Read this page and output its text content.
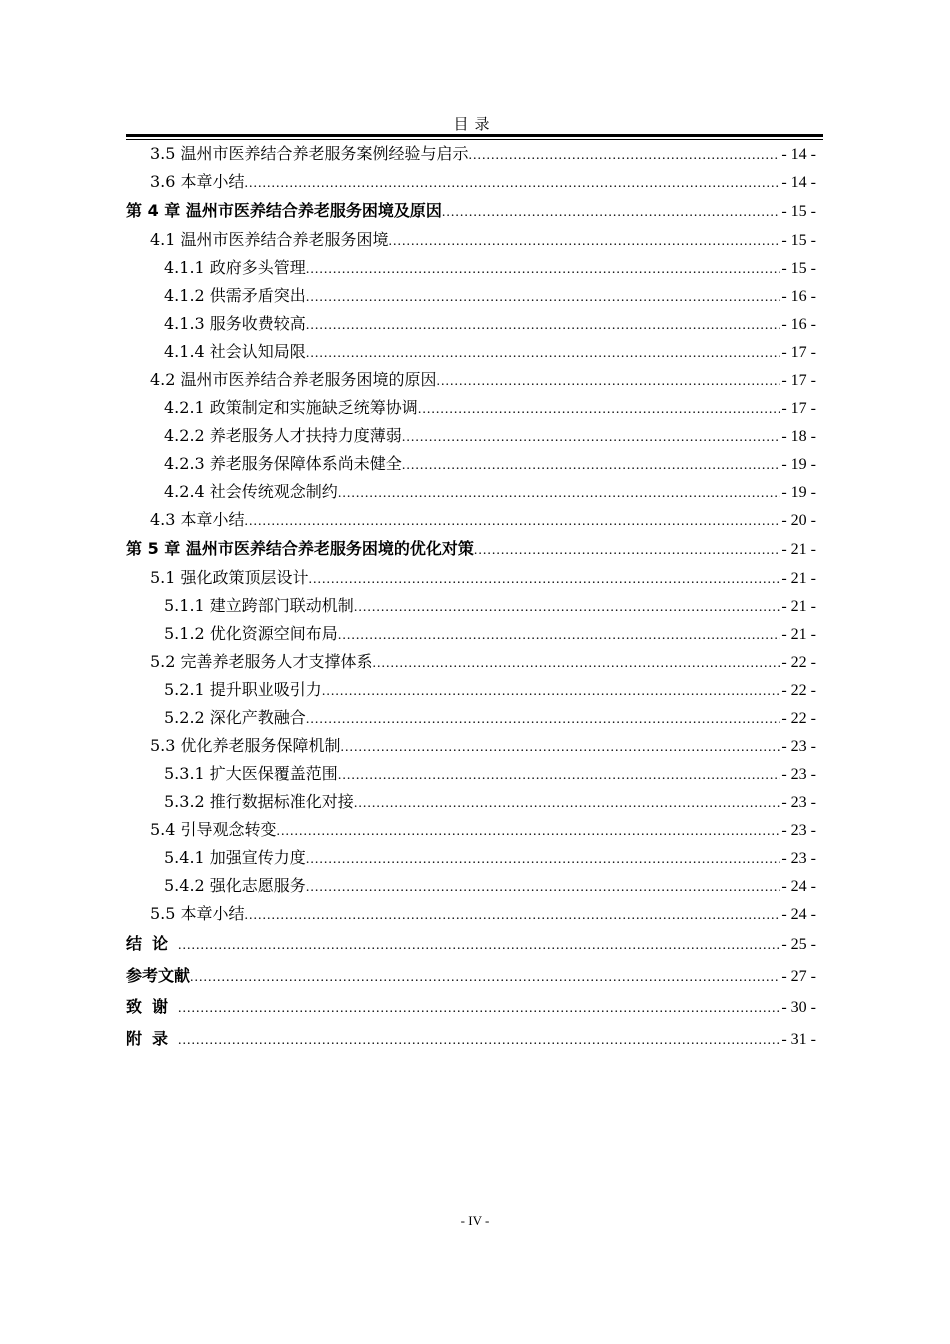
目录
3.5 温州市医养结合养老服务案例经验与启示 .....	- 14 -
3.6 本章小结 .....	- 14 -
第 4 章 温州市医养结合养老服务困境及原因 .....	- 15 -
4.1 温州市医养结合养老服务困境 .....	- 15 -
4.1.1 政府多头管理 .....	- 15 -
4.1.2 供需矛盾突出 .....	- 16 -
4.1.3 服务收费较高 .....	- 16 -
4.1.4 社会认知局限 .....	- 17 -
4.2 温州市医养结合养老服务困境的原因 .....	- 17 -
4.2.1 政策制定和实施缺乏统筹协调 .....	- 17 -
4.2.2 养老服务人才扶持力度薄弱 .....	- 18 -
4.2.3 养老服务保障体系尚未健全 .....	- 19 -
4.2.4 社会传统观念制约 .....	- 19 -
4.3 本章小结 .....	- 20 -
第 5 章 温州市医养结合养老服务困境的优化对策 .....	- 21 -
5.1 强化政策顶层设计 .....	- 21 -
5.1.1 建立跨部门联动机制 .....	- 21 -
5.1.2 优化资源空间布局 .....	- 21 -
5.2 完善养老服务人才支撑体系 .....	- 22 -
5.2.1 提升职业吸引力 .....	- 22 -
5.2.2 深化产教融合 .....	- 22 -
5.3 优化养老服务保障机制 .....	- 23 -
5.3.1 扩大医保覆盖范围 .....	- 23 -
5.3.2 推行数据标准化对接 .....	- 23 -
5.4 引导观念转变 .....	- 23 -
5.4.1 加强宣传力度 .....	- 23 -
5.4.2 强化志愿服务 .....	- 24 -
5.5 本章小结 .....	- 24 -
结论 .....	- 25 -
参考文献 .....	- 27 -
致谢 .....	- 30 -
附录 .....	- 31 -
- IV -
